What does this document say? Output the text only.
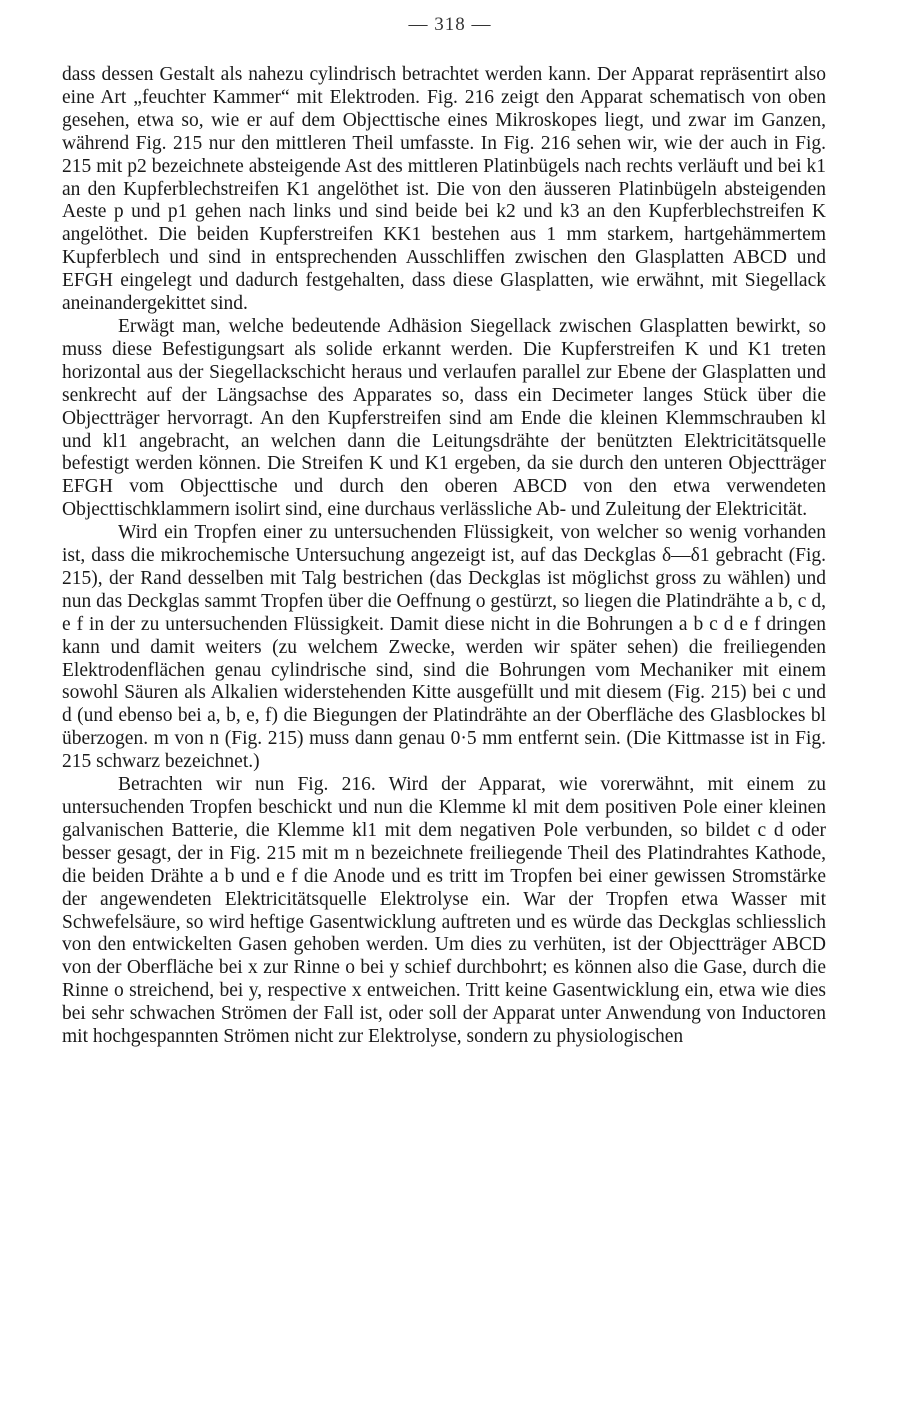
— 318 —

dass dessen Gestalt als nahezu cylindrisch betrachtet werden kann. Der Apparat repräsentirt also eine Art „feuchter Kammer“ mit Elektroden. Fig. 216 zeigt den Apparat schematisch von oben gesehen, etwa so, wie er auf dem Objecttische eines Mikroskopes liegt, und zwar im Ganzen, während Fig. 215 nur den mittleren Theil umfasste. In Fig. 216 sehen wir, wie der auch in Fig. 215 mit p2 bezeichnete absteigende Ast des mittleren Platinbügels nach rechts verläuft und bei k1 an den Kupferblechstreifen K1 angelöthet ist. Die von den äusseren Platinbügeln absteigenden Aeste p und p1 gehen nach links und sind beide bei k2 und k3 an den Kupferblechstreifen K angelöthet. Die beiden Kupferstreifen KK1 bestehen aus 1 mm starkem, hartgehämmertem Kupferblech und sind in entsprechenden Ausschliffen zwischen den Glasplatten ABCD und EFGH eingelegt und dadurch festgehalten, dass diese Glasplatten, wie erwähnt, mit Siegellack aneinandergekittet sind.

Erwägt man, welche bedeutende Adhäsion Siegellack zwischen Glasplatten bewirkt, so muss diese Befestigungsart als solide erkannt werden. Die Kupferstreifen K und K1 treten horizontal aus der Siegellackschicht heraus und verlaufen parallel zur Ebene der Glasplatten und senkrecht auf der Längsachse des Apparates so, dass ein Decimeter langes Stück über die Objectträger hervorragt. An den Kupferstreifen sind am Ende die kleinen Klemmschrauben kl und kl1 angebracht, an welchen dann die Leitungsdrähte der benützten Elektricitätsquelle befestigt werden können. Die Streifen K und K1 ergeben, da sie durch den unteren Objectträger EFGH vom Objecttische und durch den oberen ABCD von den etwa verwendeten Objecttischklammern isolirt sind, eine durchaus verlässliche Ab- und Zuleitung der Elektricität.

Wird ein Tropfen einer zu untersuchenden Flüssigkeit, von welcher so wenig vorhanden ist, dass die mikrochemische Untersuchung angezeigt ist, auf das Deckglas δ—δ1 gebracht (Fig. 215), der Rand desselben mit Talg bestrichen (das Deckglas ist möglichst gross zu wählen) und nun das Deckglas sammt Tropfen über die Oeffnung o gestürzt, so liegen die Platindrähte a b, c d, e f in der zu untersuchenden Flüssigkeit. Damit diese nicht in die Bohrungen a b c d e f dringen kann und damit weiters (zu welchem Zwecke, werden wir später sehen) die freiliegenden Elektrodenflächen genau cylindrische sind, sind die Bohrungen vom Mechaniker mit einem sowohl Säuren als Alkalien widerstehenden Kitte ausgefüllt und mit diesem (Fig. 215) bei c und d (und ebenso bei a, b, e, f) die Biegungen der Platindrähte an der Oberfläche des Glasblockes bl überzogen. m von n (Fig. 215) muss dann genau 0·5 mm entfernt sein. (Die Kittmasse ist in Fig. 215 schwarz bezeichnet.)

Betrachten wir nun Fig. 216. Wird der Apparat, wie vorerwähnt, mit einem zu untersuchenden Tropfen beschickt und nun die Klemme kl mit dem positiven Pole einer kleinen galvanischen Batterie, die Klemme kl1 mit dem negativen Pole verbunden, so bildet c d oder besser gesagt, der in Fig. 215 mit m n bezeichnete freiliegende Theil des Platindrahtes Kathode, die beiden Drähte a b und e f die Anode und es tritt im Tropfen bei einer gewissen Stromstärke der angewendeten Elektricitätsquelle Elektrolyse ein. War der Tropfen etwa Wasser mit Schwefelsäure, so wird heftige Gasentwicklung auftreten und es würde das Deckglas schliesslich von den entwickelten Gasen gehoben werden. Um dies zu verhüten, ist der Objectträger ABCD von der Oberfläche bei x zur Rinne o bei y schief durchbohrt; es können also die Gase, durch die Rinne o streichend, bei y, respective x entweichen. Tritt keine Gasentwicklung ein, etwa wie dies bei sehr schwachen Strömen der Fall ist, oder soll der Apparat unter Anwendung von Inductoren mit hochgespannten Strömen nicht zur Elektrolyse, sondern zu physiologischen
